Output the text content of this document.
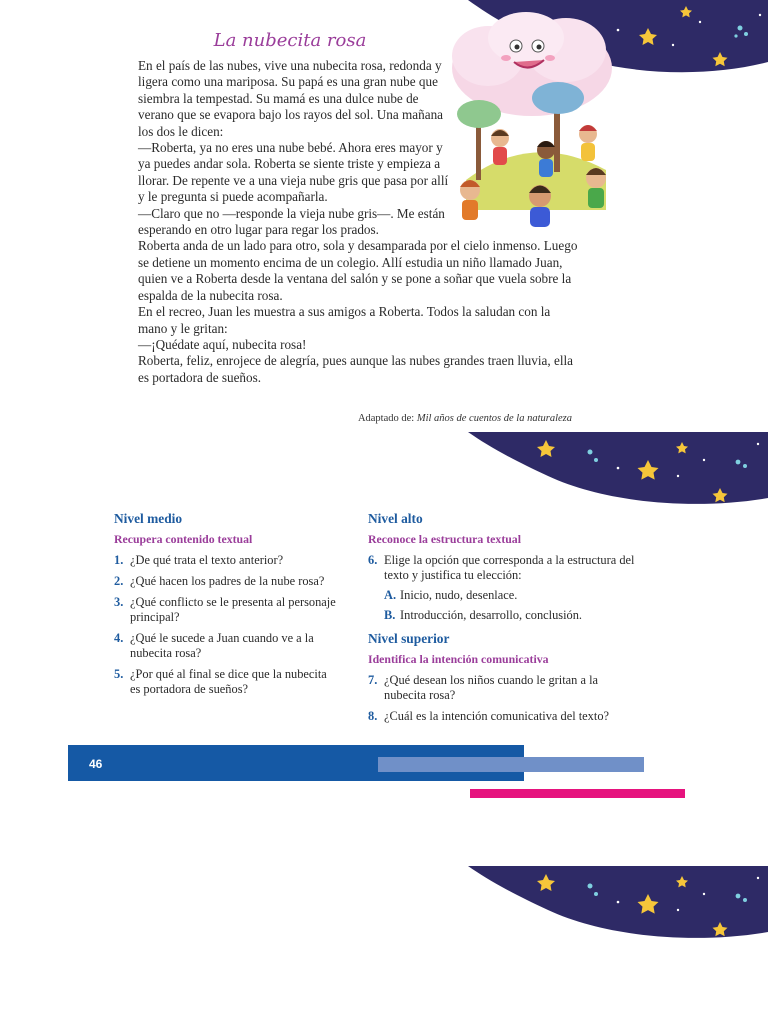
La nubecita rosa

En el país de las nubes, vive una nubecita rosa, redonda y ligera como una mariposa. Su papá es una gran nube que siembra la tempestad. Su mamá es una dulce nube de verano que se evapora bajo los rayos del sol. Una mañana los dos le dicen:

—Roberta, ya no eres una nube bebé. Ahora eres mayor y ya puedes andar sola. Roberta se siente triste y empieza a llorar. De repente ve a una vieja nube gris que pasa por allí y le pregunta si puede acompañarla.

—Claro que no —responde la vieja nube gris—. Me están esperando en otro lugar para regar los prados.

Roberta anda de un lado para otro, sola y desamparada por el cielo inmenso. Luego se detiene un momento encima de un colegio. Allí estudia un niño llamado Juan, quien ve a Roberta desde la ventana del salón y se pone a soñar que vuela sobre la espalda de la nubecita rosa.

En el recreo, Juan les muestra a sus amigos a Roberta. Todos la saludan con la mano y le gritan:

—¡Quédate aquí, nubecita rosa!

Roberta, feliz, enrojece de alegría, pues aunque las nubes grandes traen lluvia, ella es portadora de sueños.

Adaptado de: Mil años de cuentos de la naturaleza
Nivel medio
Recupera contenido textual
1. ¿De qué trata el texto anterior?
2. ¿Qué hacen los padres de la nube rosa?
3. ¿Qué conflicto se le presenta al personaje principal?
4. ¿Qué le sucede a Juan cuando ve a la nubecita rosa?
5. ¿Por qué al final se dice que la nubecita es portadora de sueños?
Nivel alto
Reconoce la estructura textual
6. Elige la opción que corresponda a la estructura del texto y justifica tu elección:
A. Inicio, nudo, desenlace.
B. Introducción, desarrollo, conclusión.
Nivel superior
Identifica la intención comunicativa
7. ¿Qué desean los niños cuando le gritan a la nubecita rosa?
8. ¿Cuál es la intención comunicativa del texto?
46
